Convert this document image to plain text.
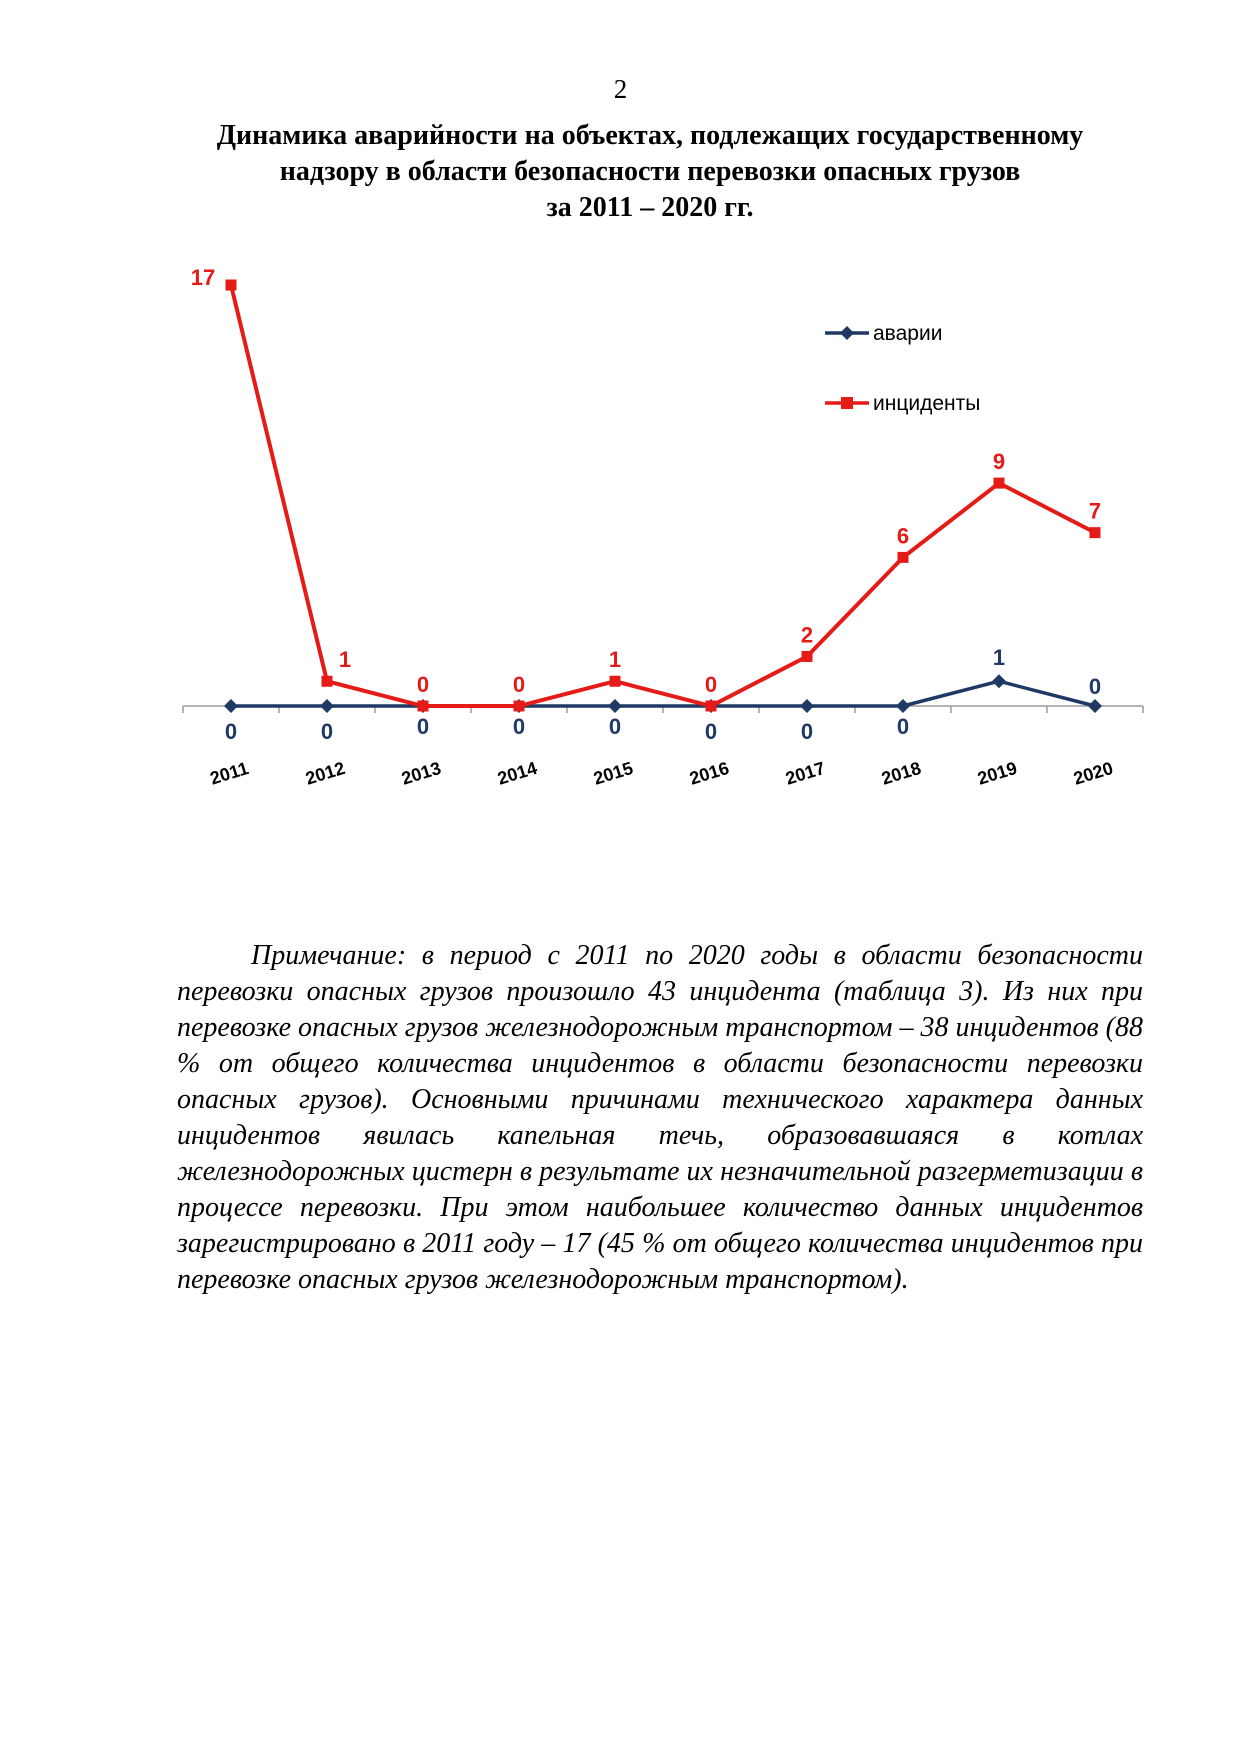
2
Динамика аварийности на объектах, подлежащих государственному
надзору в области безопасности перевозки опасных грузов
за 2011 – 2020 гг.
2011	2012	2013	2014	2015	2016	2017	2018	2019	2020
17
1
0	0
1
0
2
6
9
7
0	0	0	0	0	0	0	0
1
0
аварии
инциденты

Примечание: в период с 2011 по 2020 годы в области безопасности перевозки опасных грузов произошло 43 инцидента (таблица 3). Из них при перевозке опасных грузов железнодорожным транспортом – 38 инцидентов (88 % от общего количества инцидентов в области безопасности перевозки опасных грузов). Основными причинами технического характера данных инцидентов явилась капельная течь, образовавшаяся в котлах железнодорожных цистерн в результате их незначительной разгерметизации в процессе перевозки. При этом наибольшее количество данных инцидентов зарегистрировано в 2011 году – 17 (45 % от общего количества инцидентов при перевозке опасных грузов железнодорожным транспортом).
